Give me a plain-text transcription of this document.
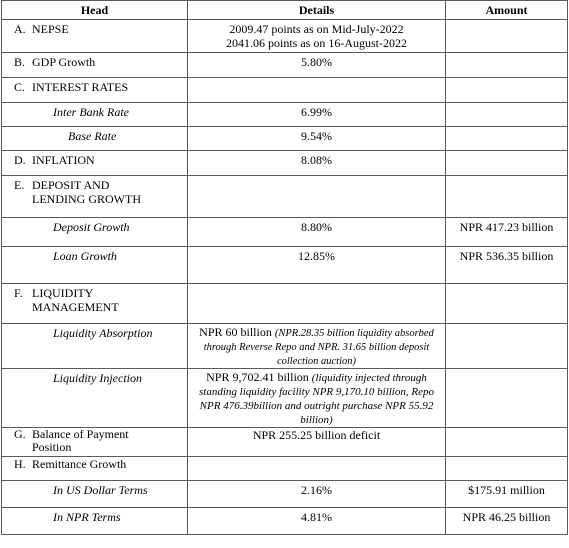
Head	Details	Amount

A. NEPSE	2009.47 points as on Mid-July-2022
2041.06 points as on 16-August-2022	

B. GDP Growth	5.80%	

C. INTEREST RATES		
Inter Bank Rate	6.99%	
Base Rate	9.54%	

D. INFLATION	8.08%	

E. DEPOSIT AND
LENDING GROWTH		

Deposit Growth	8.80%	NPR 417.23 billion
Loan Growth	12.85%	NPR 536.35 billion

F. LIQUIDITY
MANAGEMENT		

Liquidity Absorption	NPR 60 billion (NPR.28.35 billion liquidity absorbed through Reverse Repo and NPR. 31.65 billion deposit collection auction)	
Liquidity Injection	NPR 9,702.41 billion (liquidity injected through standing liquidity facility NPR 9,170.10 billion, Repo NPR 476.39billion and outright purchase NPR 55.92 billion)	

G. Balance of Payment
Position	NPR 255.25 billion deficit	

H. Remittance Growth		
In US Dollar Terms	2.16%	$175.91 million
In NPR Terms	4.81%	NPR 46.25 billion
